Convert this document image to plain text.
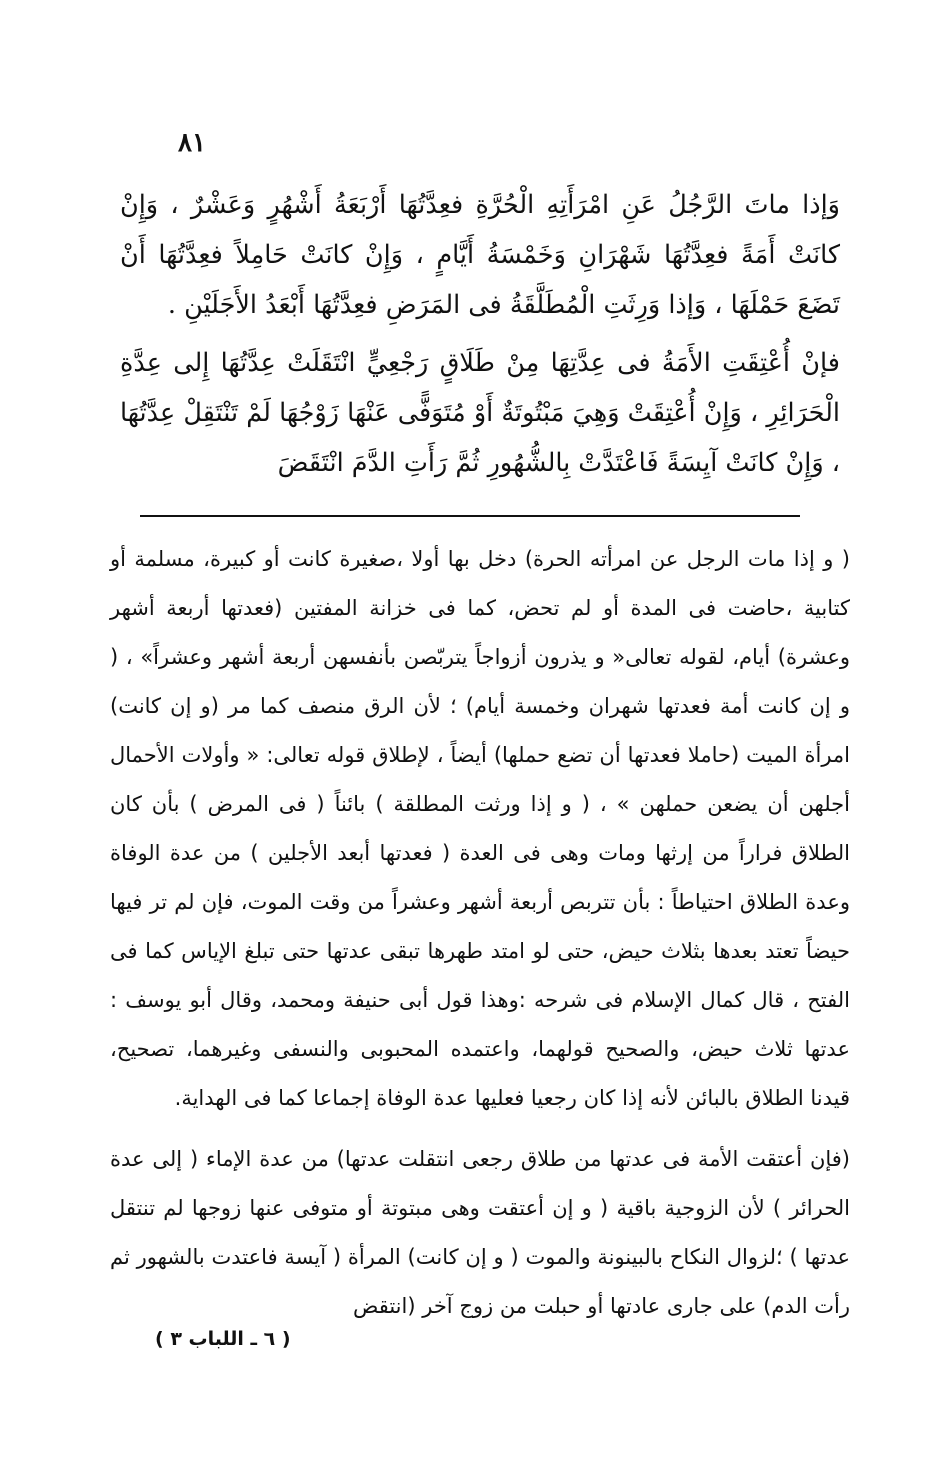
٨١

وَإذا ماتَ الرَّجُلُ عَنِ امْرَأَتِهِ الْحُرَّةِ فعِدَّتُهَا أَرْبَعَةُ أَشْهُرٍ وَعَشْرٌ ، وَإِنْ كانَتْ أَمَةً فعِدَّتُهَا شَهْرَانِ وَخَمْسَةُ أَيَّامٍ ، وَإِنْ كانَتْ حَامِلاً فعِدَّتُهَا أَنْ تَضَعَ حَمْلَهَا ، وَإذا وَرِثَتِ الْمُطَلَّقَةُ فى المَرَضِ فعِدَّتُهَا أَبْعَدُ الأَجَلَيْنِ .

فإنْ أُعْتِقَتِ الأَمَةُ فى عِدَّتِهَا مِنْ طَلَاقٍ رَجْعِيٍّ انْتَقَلَتْ عِدَّتُهَا إِلى عِدَّةِ الْحَرَائِرِ ، وَإِنْ أُعْتِقَتْ وَهِيَ مَبْتُوتَةٌ أَوْ مُتَوَفًّى عَنْهَا زَوْجُهَا لَمْ تَنْتَقِلْ عِدَّتُهَا ، وَإِنْ كانَتْ آيِسَةً فَاعْتَدَّتْ بِالشُّهُورِ ثُمَّ رَأَتِ الدَّمَ انْتَقَضَ

( و إذا مات الرجل عن امرأته الحرة) دخل بها أولا ،صغيرة كانت أو كبيرة، مسلمة أو كتابية ،حاضت فى المدة أو لم تحض، كما فى خزانة المفتين (فعدتها أربعة أشهر وعشرة) أيام، لقوله تعالى« و يذرون أزواجاً يتربّصن بأنفسهن أربعة أشهر وعشراً» ، ( و إن كانت أمة فعدتها شهران وخمسة أيام) ؛ لأن الرق منصف كما مر (و إن كانت) امرأة الميت (حاملا فعدتها أن تضع حملها) أيضاً ، لإطلاق قوله تعالى: « وأولات الأحمال أجلهن أن يضعن حملهن » ، ( و إذا ورثت المطلقة ) بائناً ( فى المرض ) بأن كان الطلاق فراراً من إرثها ومات وهى فى العدة ( فعدتها أبعد الأجلين ) من عدة الوفاة وعدة الطلاق احتياطاً : بأن تتربص أربعة أشهر وعشراً من وقت الموت، فإن لم تر فيها حيضاً تعتد بعدها بثلاث حيض، حتى لو امتد طهرها تبقى عدتها حتى تبلغ الإياس كما فى الفتح ، قال كمال الإسلام فى شرحه :وهذا قول أبى حنيفة ومحمد، وقال أبو يوسف : عدتها ثلاث حيض، والصحيح قولهما، واعتمده المحبوبى والنسفى وغيرهما، تصحيح، قيدنا الطلاق بالبائن لأنه إذا كان رجعيا فعليها عدة الوفاة إجماعا كما فى الهداية.

(فإن أعتقت الأمة فى عدتها من طلاق رجعى انتقلت عدتها) من عدة الإماء ( إلى عدة الحرائر ) لأن الزوجية باقية ( و إن أعتقت وهى مبتوتة أو متوفى عنها زوجها لم تنتقل عدتها ) ؛لزوال النكاح بالبينونة والموت ( و إن كانت) المرأة ( آيسة فاعتدت بالشهور ثم رأت الدم) على جارى عادتها أو حبلت من زوج آخر (انتقض

( ٦ ـ اللباب ٣ )
